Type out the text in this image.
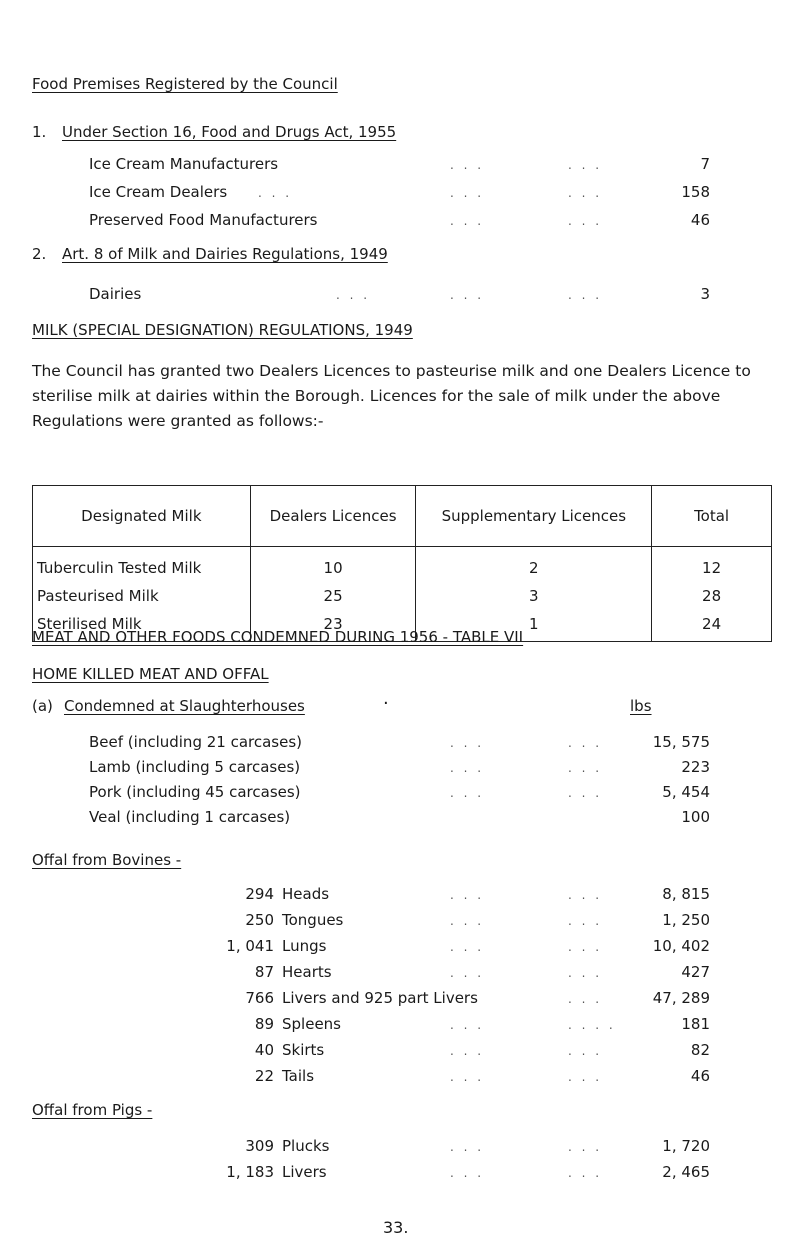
Food Premises Registered by the Council
1. Under Section 16, Food and Drugs Act, 1955
Ice Cream Manufacturers	. . .	. . .	7
Ice Cream Dealers	. . .	. . .	. . .	158
Preserved Food Manufacturers	. . .	. . .	46
2. Art. 8 of Milk and Dairies Regulations, 1949
Dairies	. . .	. . .	. . .	3
MILK (SPECIAL DESIGNATION) REGULATIONS, 1949
The Council has granted two Dealers Licences to pasteurise milk and one Dealers Licence to sterilise milk at dairies within the Borough. Licences for the sale of milk under the above Regulations were granted as follows:-
Designated Milk	Dealers Licences	Supplementary Licences	Total
Tuberculin Tested Milk	10	2	12
Pasteurised Milk	25	3	28
Sterilised Milk	23	1	24
MEAT AND OTHER FOODS CONDEMNED DURING 1956 - TABLE VII
HOME KILLED MEAT AND OFFAL
(a) Condemned at Slaughterhouses	·	lbs
Beef (including 21 carcases)	. . .	. . .	15, 575
Lamb (including 5 carcases)	. . .	. . .	223
Pork (including 45 carcases)	. . .	. . .	5, 454
Veal (including 1 carcases)	100
Offal from Bovines -
294 Heads	. . .	. . .	8, 815
250 Tongues	. . .	. . .	1, 250
1, 041 Lungs	. . .	. . .	10, 402
87 Hearts	. . .	. . .	427
766 Livers and 925 part Livers	. . .	47, 289
89 Spleens	. . .	. . . .	181
40 Skirts	. . .	. . .	82
22 Tails	. . .	. . .	46
Offal from Pigs -
309 Plucks	. . .	. . .	1, 720
1, 183 Livers	. . .	. . .	2, 465
33.
